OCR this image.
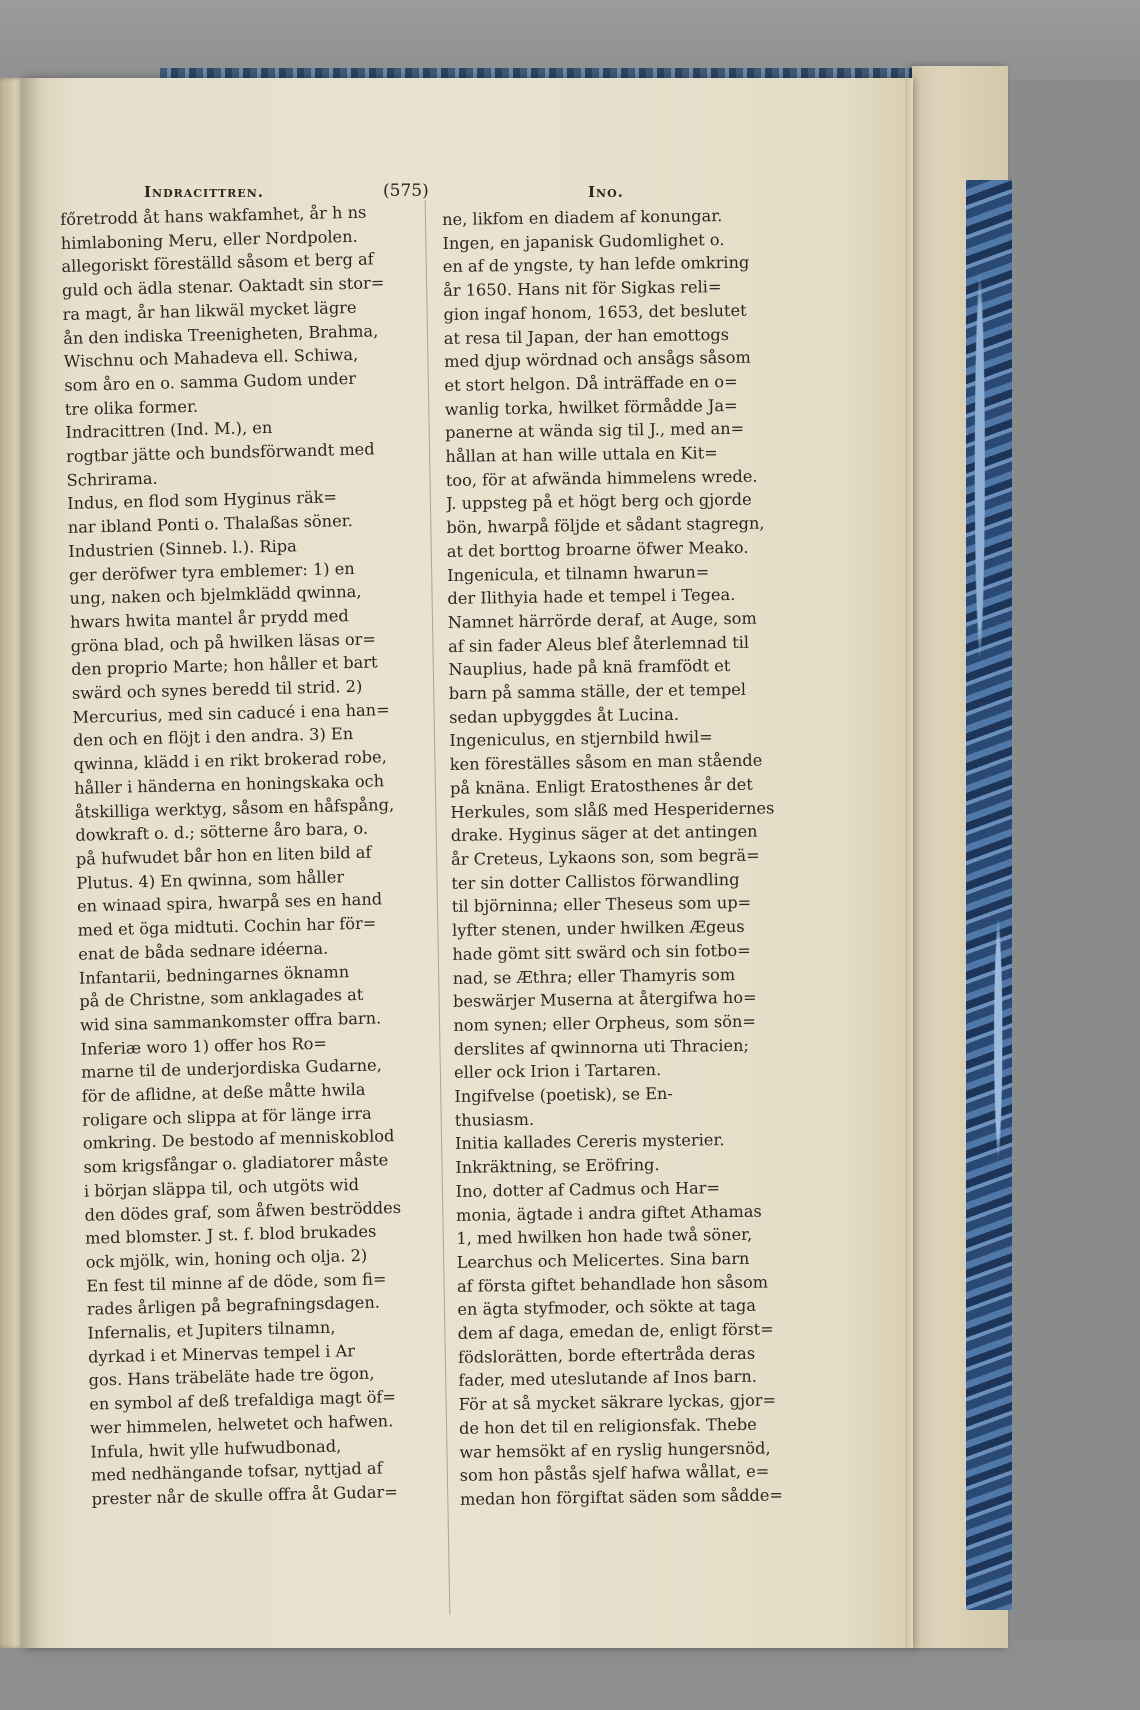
Indracittren.	(575)	Ino.
főretrodd åt hans wakfamhet, år h ns
himlaboning Meru, eller Nordpolen.
allegoriskt föreställd såsom et berg af
guld och ädla stenar. Oaktadt sin stor=
ra magt, år han likwäl mycket lägre
ån den indiska Treenigheten, Brahma,
Wischnu och Mahadeva ell. Schiwa,
som åro en o. samma Gudom under
tre olika former.
Indracittren (Ind. M.), en
rogtbar jätte och bundsförwandt med
Schrirama.
Indus, en flod som Hyginus räk=
nar ibland Ponti o. Thalaßas söner.
Industrien (Sinneb. l.). Ripa
ger deröfwer tyra emblemer: 1) en
ung, naken och bjelmklädd qwinna,
hwars hwita mantel år prydd med
gröna blad, och på hwilken läsas or=
den proprio Marte; hon håller et bart
swärd och synes beredd til strid. 2)
Mercurius, med sin caducé i ena han=
den och en flöjt i den andra. 3) En
qwinna, klädd i en rikt brokerad robe,
håller i händerna en honingskaka och
åtskilliga werktyg, såsom en håfspång,
dowkraft o. d.; sötterne åro bara, o.
på hufwudet bår hon en liten bild af
Plutus. 4) En qwinna, som håller
en winaad spira, hwarpå ses en hand
med et öga midtuti. Cochin har för=
enat de båda sednare idéerna.
Infantarii, bedningarnes öknamn
på de Christne, som anklagades at
wid sina sammankomster offra barn.
Inferiæ woro 1) offer hos Ro=
marne til de underjordiska Gudarne,
för de aflidne, at deße måtte hwila
roligare och slippa at för länge irra
omkring. De bestodo af menniskoblod
som krigsfångar o. gladiatorer måste
i början släppa til, och utgöts wid
den dödes graf, som åfwen beströddes
med blomster. J st. f. blod brukades
ock mjölk, win, honing och olja. 2)
En fest til minne af de döde, som fi=
rades årligen på begrafningsdagen.
Infernalis, et Jupiters tilnamn,
dyrkad i et Minervas tempel i Ar
gos. Hans träbeläte hade tre ögon,
en symbol af deß trefaldiga magt öf=
wer himmelen, helwetet och hafwen.
Infula, hwit ylle hufwudbonad,
med nedhängande tofsar, nyttjad af
prester når de skulle offra åt Gudar=
ne, likfom en diadem af konungar.
Ingen, en japanisk Gudomlighet o.
en af de yngste, ty han lefde omkring
år 1650. Hans nit för Sigkas reli=
gion ingaf honom, 1653, det beslutet
at resa til Japan, der han emottogs
med djup wördnad och ansågs såsom
et stort helgon. Då inträffade en o=
wanlig torka, hwilket förmådde Ja=
panerne at wända sig til J., med an=
hållan at han wille uttala en Kit=
too, för at afwända himmelens wrede.
J. uppsteg på et högt berg och gjorde
bön, hwarpå följde et sådant stagregn,
at det borttog broarne öfwer Meako.
Ingenicula, et tilnamn hwarun=
der Ilithyia hade et tempel i Tegea.
Namnet härrörde deraf, at Auge, som
af sin fader Aleus blef återlemnad til
Nauplius, hade på knä framfödt et
barn på samma ställe, der et tempel
sedan upbyggdes åt Lucina.
Ingeniculus, en stjernbild hwil=
ken föreställes såsom en man stående
på knäna. Enligt Eratosthenes år det
Herkules, som slåß med Hesperidernes
drake. Hyginus säger at det antingen
år Creteus, Lykaons son, som begrä=
ter sin dotter Callistos förwandling
til björninna; eller Theseus som up=
lyfter stenen, under hwilken Ægeus
hade gömt sitt swärd och sin fotbo=
nad, se Æthra; eller Thamyris som
beswärjer Muserna at återgifwa ho=
nom synen; eller Orpheus, som sön=
derslites af qwinnorna uti Thracien;
eller ock Irion i Tartaren.
Ingifvelse (poetisk), se En-
thusiasm.
Initia kallades Cereris mysterier.
Inkräktning, se Eröfring.
Ino, dotter af Cadmus och Har=
monia, ägtade i andra giftet Athamas
1, med hwilken hon hade twå söner,
Learchus och Melicertes. Sina barn
af första giftet behandlade hon såsom
en ägta styfmoder, och sökte at taga
dem af daga, emedan de, enligt först=
födslorätten, borde eftertråda deras
fader, med uteslutande af Inos barn.
För at så mycket säkrare lyckas, gjor=
de hon det til en religionsfak. Thebe
war hemsökt af en ryslig hungersnöd,
som hon påstås sjelf hafwa wållat, e=
medan hon förgiftat säden som sådde=
